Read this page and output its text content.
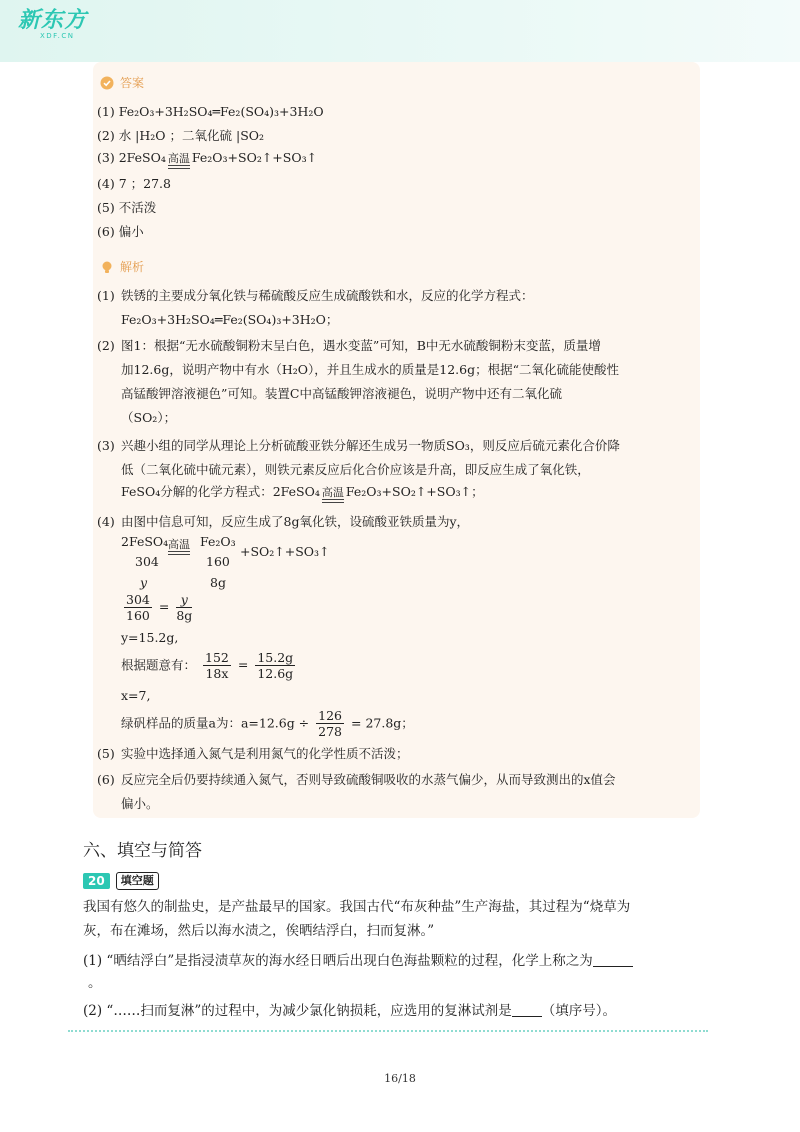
新东方
XDF.CN
答案
(1) Fe₂O₃+3H₂SO₄═Fe₂(SO₄)₃+3H₂O
(2) 水 |H₂O ；二氧化硫 |SO₂
(3) 2FeSO₄ 高温 Fe₂O₃+SO₂↑+SO₃↑
(4) 7 ；27.8
(5) 不活泼
(6) 偏小
解析
(1) 铁锈的主要成分氧化铁与稀硫酸反应生成硫酸铁和水，反应的化学方程式：
Fe₂O₃+3H₂SO₄═Fe₂(SO₄)₃+3H₂O；
(2) 图1：根据“无水硫酸铜粉末呈白色，遇水变蓝”可知，B中无水硫酸铜粉末变蓝，质量增
加12.6g，说明产物中有水（H₂O），并且生成水的质量是12.6g；根据“二氧化硫能使酸性
高锰酸钾溶液褪色”可知。装置C中高锰酸钾溶液褪色，说明产物中还有二氧化硫
（SO₂）；
(3) 兴趣小组的同学从理论上分析硫酸亚铁分解还生成另一物质SO₃，则反应后硫元素化合价降
低（二氧化硫中硫元素），则铁元素反应后化合价应该是升高，即反应生成了氧化铁，
FeSO₄分解的化学方程式：2FeSO₄ 高温 Fe₂O₃+SO₂↑+SO₃↑；
(4) 由图中信息可知，反应生成了8g氧化铁，设硫酸亚铁质量为y，
2FeSO₄ 高温 Fe₂O₃
+SO₂↑+SO₃↑
304	160
y	8g
$\frac{304}{160} = \frac{y}{8g}$
y=15.2g,
根据题意有： $\frac{152}{18x} = \frac{15.2g}{12.6g}$
x=7,
绿矾样品的质量a为：$a=12.6g \div \frac{126}{278} = 27.8g$；
(5) 实验中选择通入氮气是利用氮气的化学性质不活泼；
(6) 反应完全后仍要持续通入氮气，否则导致硫酸铜吸收的水蒸气偏少，从而导致测出的x值会
偏小。
六、填空与简答
20	填空题
我国有悠久的制盐史，是产盐最早的国家。我国古代“布灰种盐”生产海盐，其过程为“烧草为
灰，布在滩场，然后以海水渍之，俟晒结浮白，扫而复淋。”
(1) “晒结浮白”是指浸渍草灰的海水经日晒后出现白色海盐颗粒的过程，化学上称之为
。
(2) “……扫而复淋”的过程中，为减少氯化钠损耗，应选用的复淋试剂是 （填序号）。
16/18
